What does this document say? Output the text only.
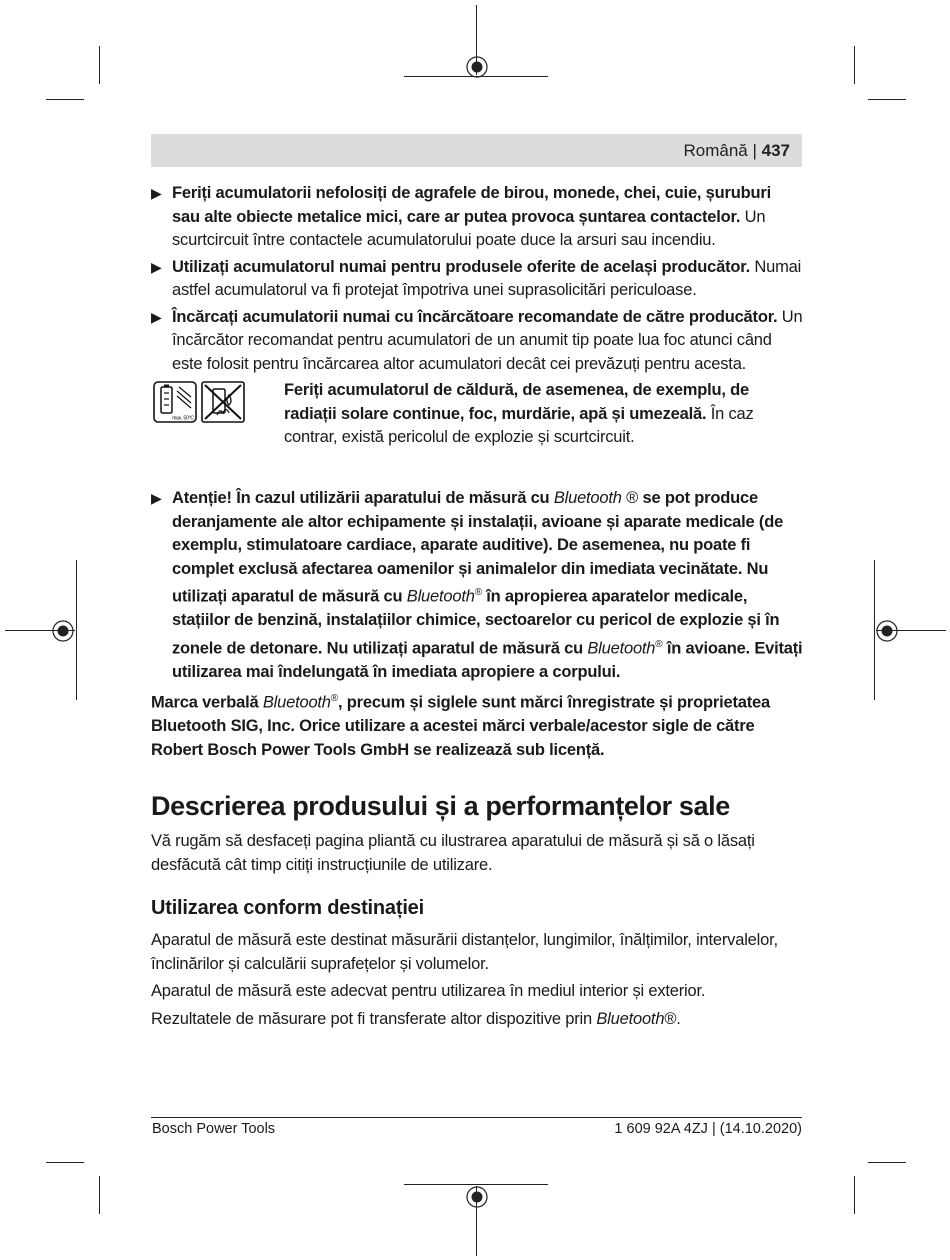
Română | 437
▶ Feriți acumulatorii nefolosiți de agrafele de birou, monede, chei, cuie, șuruburi sau alte obiecte metalice mici, care ar putea provoca șuntarea contactelor. Un scurtcircuit între contactele acumulatorului poate duce la arsuri sau incendiu.
▶ Utilizați acumulatorul numai pentru produsele oferite de același producător. Numai astfel acumulatorul va fi protejat împotriva unei suprasolicitări periculoase.
▶ Încărcați acumulatorii numai cu încărcătoare recomandate de către producător. Un încărcător recomandat pentru acumulatori de un anumit tip poate lua foc atunci când este folosit pentru încărcarea altor acumulatori decât cei prevăzuți pentru acesta.
max. 50°C

Feriți acumulatorul de căldură, de asemenea, de exemplu, de radiații solare continue, foc, murdărie, apă și umezeală. În caz contrar, există pericolul de explozie și scurtcircuit.
▶ Atenție! În cazul utilizării aparatului de măsură cu Bluetooth ® se pot produce deranjamente ale altor echipamente și instalații, avioane și aparate medicale (de exemplu, stimulatoare cardiace, aparate auditive). De asemenea, nu poate fi complet exclusă afectarea oamenilor și animalelor din imediata vecinătate. Nu utilizați aparatul de măsură cu Bluetooth® în apropierea aparatelor medicale, stațiilor de benzină, instalațiilor chimice, sectoarelor cu pericol de explozie și în zonele de detonare. Nu utilizați aparatul de măsură cu Bluetooth® în avioane. Evitați utilizarea mai îndelungată în imediata apropiere a corpului.

Marca verbală Bluetooth®, precum și siglele sunt mărci înregistrate și proprietatea Bluetooth SIG, Inc. Orice utilizare a acestei mărci verbale/acestor sigle de către Robert Bosch Power Tools GmbH se realizează sub licență.

Descrierea produsului și a performanțelor sale

Vă rugăm să desfaceți pagina pliantă cu ilustrarea aparatului de măsură și să o lăsați desfăcută cât timp citiți instrucțiunile de utilizare.

Utilizarea conform destinației

Aparatul de măsură este destinat măsurării distanțelor, lungimilor, înălțimilor, intervalelor, înclinărilor și calculării suprafețelor și volumelor.

Aparatul de măsură este adecvat pentru utilizarea în mediul interior și exterior.

Rezultatele de măsurare pot fi transferate altor dispozitive prin Bluetooth®.

Bosch Power Tools	1 609 92A 4ZJ | (14.10.2020)
